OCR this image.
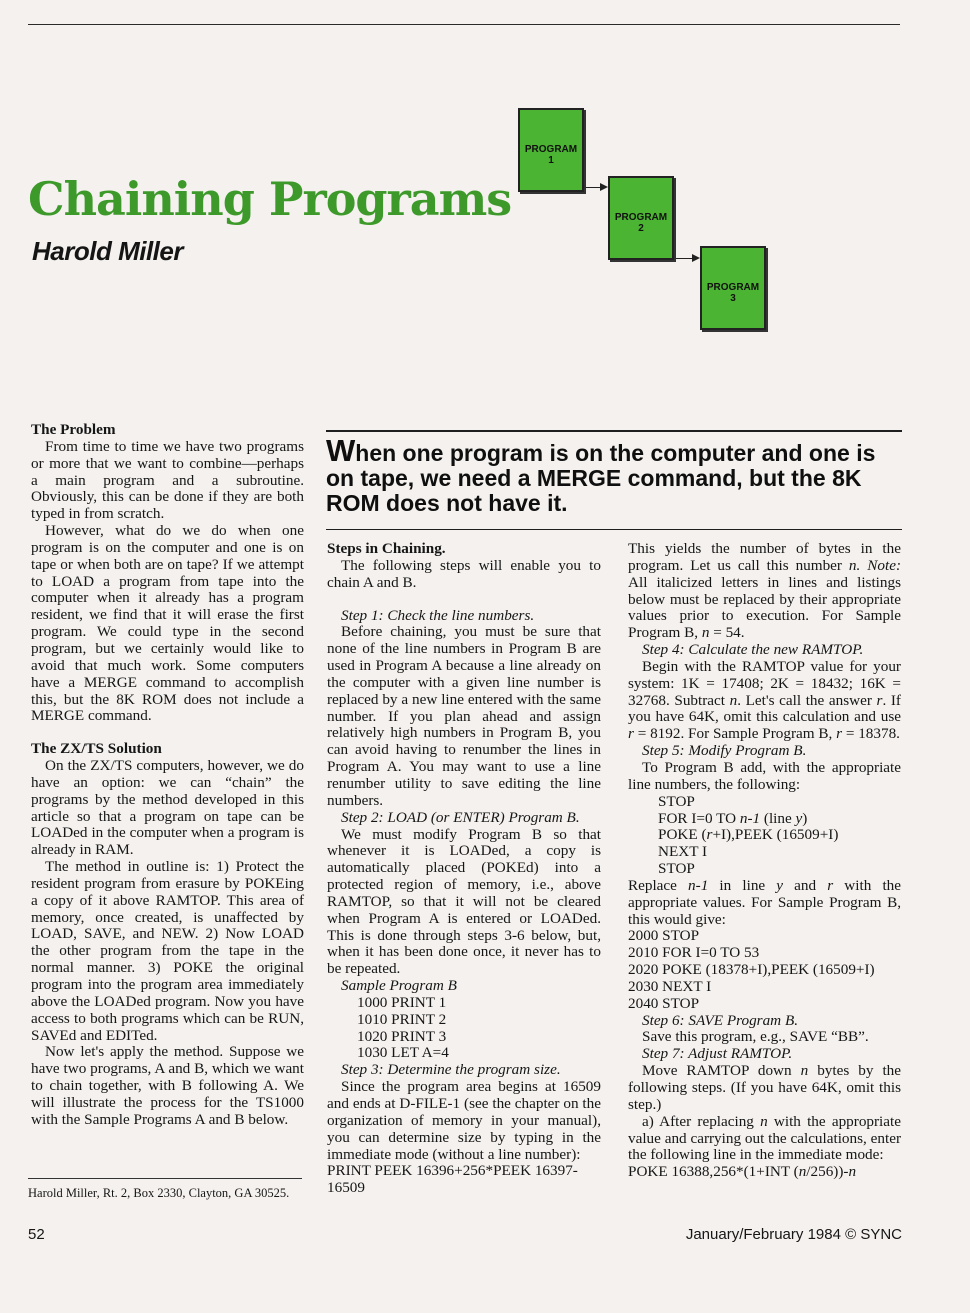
Chaining Programs
Harold Miller
PROGRAM
1
PROGRAM
2
PROGRAM
3
When one program is on the computer and one is on tape, we need a MERGE command, but the 8K ROM does not have it.

The Problem

From time to time we have two programs or more that we want to combine—perhaps a main program and a subroutine. Obviously, this can be done if they are both typed in from scratch.

However, what do we do when one program is on the computer and one is on tape or when both are on tape? If we attempt to LOAD a program from tape into the computer when it already has a program resident, we find that it will erase the first program. We could type in the second program, but we certainly would like to avoid that much work. Some computers have a MERGE command to accomplish this, but the 8K ROM does not include a MERGE command.

The ZX/TS Solution

On the ZX/TS computers, however, we do have an option: we can “chain” the programs by the method developed in this article so that a program on tape can be LOADed in the computer when a program is already in RAM.

The method in outline is: 1) Protect the resident program from erasure by POKEing a copy of it above RAMTOP. This area of memory, once created, is unaffected by LOAD, SAVE, and NEW. 2) Now LOAD the other program from the tape in the normal manner. 3) POKE the original program into the program area immediately above the LOADed program. Now you have access to both programs which can be RUN, SAVEd and EDITed.

Now let's apply the method. Suppose we have two programs, A and B, which we want to chain together, with B following A. We will illustrate the process for the TS1000 with the Sample Programs A and B below.

Harold Miller, Rt. 2, Box 2330, Clayton, GA 30525.

Steps in Chaining.

The following steps will enable you to chain A and B.

Step 1: Check the line numbers.

Before chaining, you must be sure that none of the line numbers in Program B are used in Program A because a line already on the computer with a given line number is replaced by a new line entered with the same number. If you plan ahead and assign relatively high numbers in Program B, you can avoid having to renumber the lines in Program A. You may want to use a line renumber utility to save editing the line numbers.

Step 2: LOAD (or ENTER) Program B.

We must modify Program B so that whenever it is LOADed, a copy is automatically placed (POKEd) into a protected region of memory, i.e., above RAMTOP, so that it will not be cleared when Program A is entered or LOADed. This is done through steps 3-6 below, but, when it has been done once, it never has to be repeated.

Sample Program B

1000 PRINT 1

1010 PRINT 2

1020 PRINT 3

1030 LET A=4

Step 3: Determine the program size.

Since the program area begins at 16509 and ends at D-FILE-1 (see the chapter on the organization of memory in your manual), you can determine size by typing in the immediate mode (without a line number):

PRINT PEEK 16396+256*PEEK 16397-16509

This yields the number of bytes in the program. Let us call this number n. Note: All italicized letters in lines and listings below must be replaced by their appropriate values prior to execution. For Sample Program B, n = 54.

Step 4: Calculate the new RAMTOP.

Begin with the RAMTOP value for your system: 1K = 17408; 2K = 18432; 16K = 32768. Subtract n. Let's call the answer r. If you have 64K, omit this calculation and use r = 8192. For Sample Program B, r = 18378.

Step 5: Modify Program B.

To Program B add, with the appropriate line numbers, the following:

STOP

FOR I=0 TO n-1 (line y)

POKE (r+I),PEEK (16509+I)

NEXT I

STOP

Replace n-1 in line y and r with the appropriate values. For Sample Program B, this would give:

2000 STOP

2010 FOR I=0 TO 53

2020 POKE (18378+I),PEEK (16509+I)

2030 NEXT I

2040 STOP

Step 6: SAVE Program B.

Save this program, e.g., SAVE “BB”.

Step 7: Adjust RAMTOP.

Move RAMTOP down n bytes by the following steps. (If you have 64K, omit this step.)

a) After replacing n with the appropriate value and carrying out the calculations, enter the following line in the immediate mode:

POKE 16388,256*(1+INT (n/256))-n

52	January/February 1984 © SYNC
